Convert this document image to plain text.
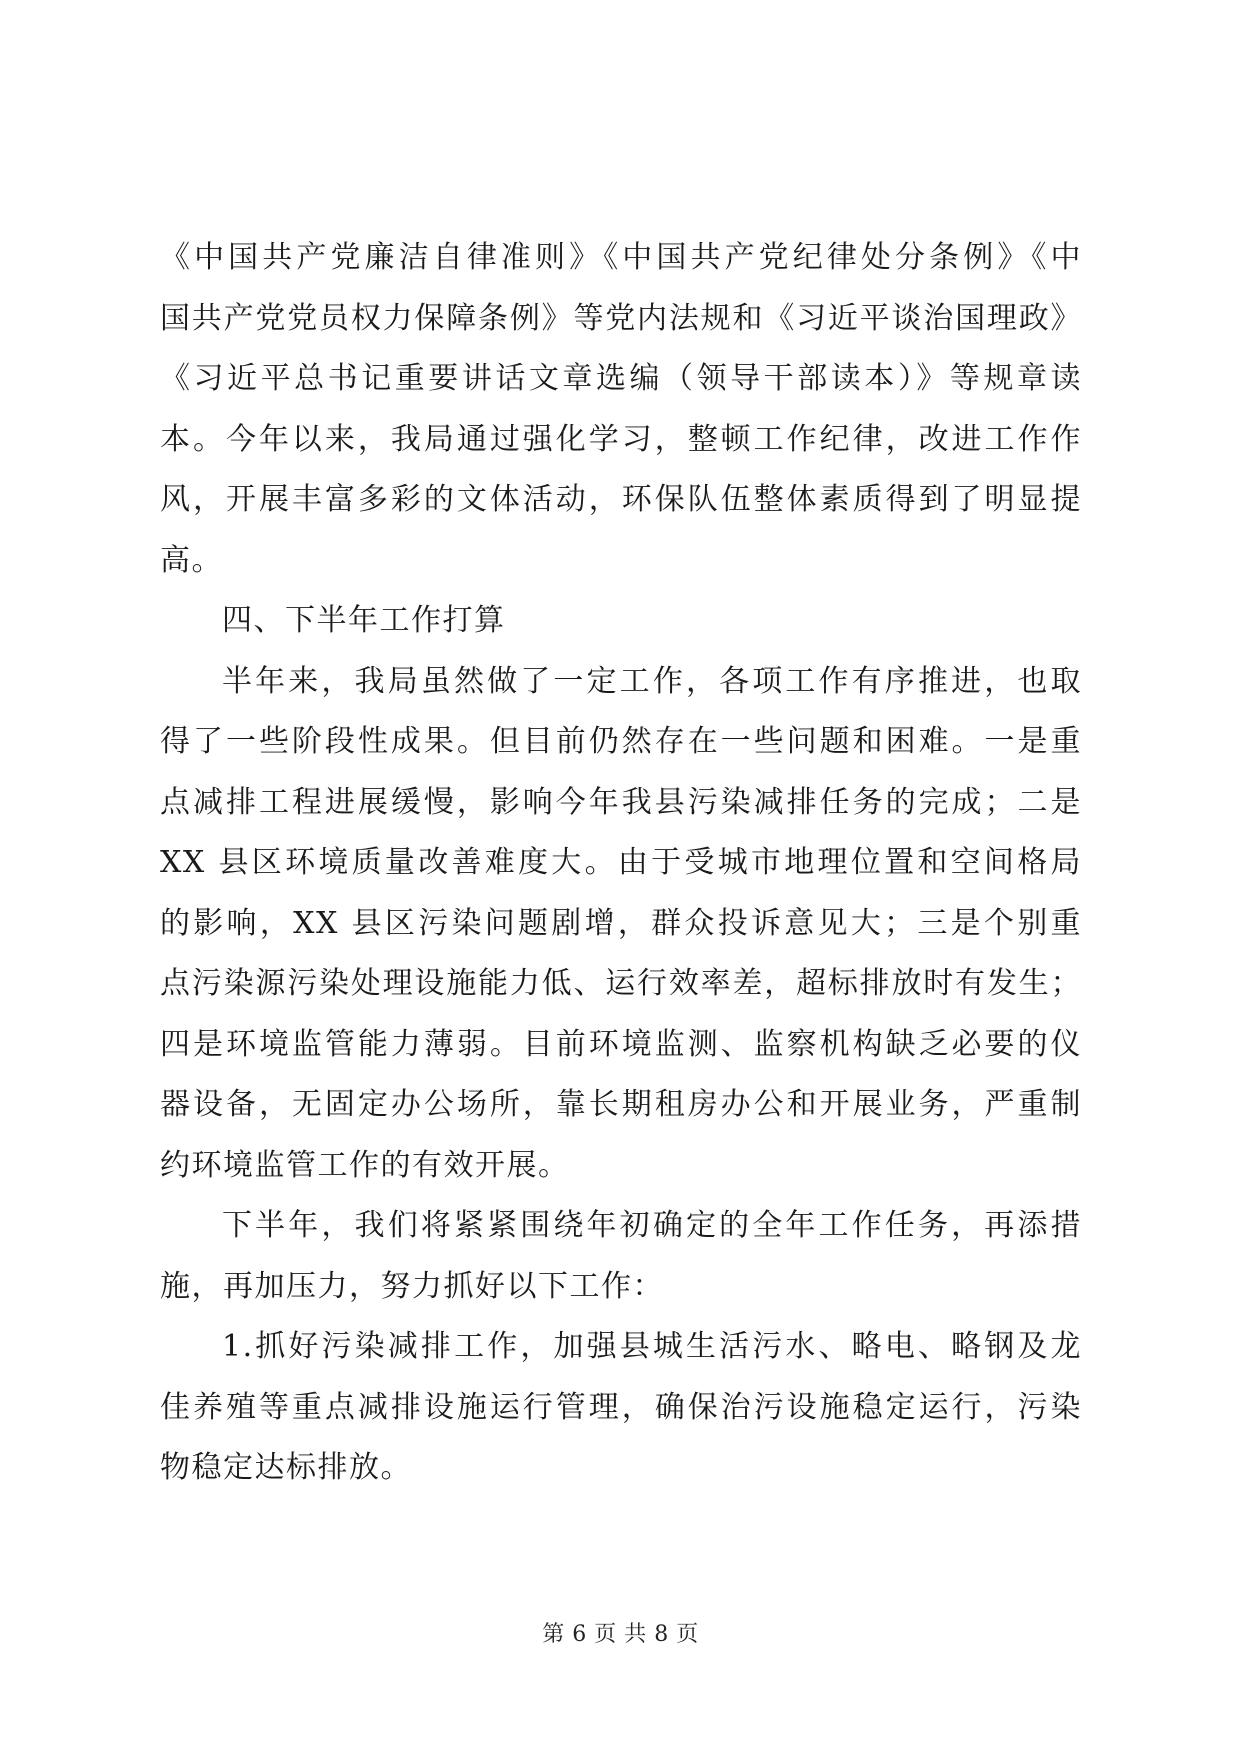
《中国共产党廉洁自律准则》《中国共产党纪律处分条例》《中
国共产党党员权力保障条例》等党内法规和《习近平谈治国理政》
《习近平总书记重要讲话文章选编（领导干部读本）》等规章读
本。今年以来，我局通过强化学习，整顿工作纪律，改进工作作
风，开展丰富多彩的文体活动，环保队伍整体素质得到了明显提
高。
四、下半年工作打算
半年来，我局虽然做了一定工作，各项工作有序推进，也取
得了一些阶段性成果。但目前仍然存在一些问题和困难。一是重
点减排工程进展缓慢，影响今年我县污染减排任务的完成；二是
XX 县区环境质量改善难度大。由于受城市地理位置和空间格局
的影响，XX 县区污染问题剧增，群众投诉意见大；三是个别重
点污染源污染处理设施能力低、运行效率差，超标排放时有发生；
四是环境监管能力薄弱。目前环境监测、监察机构缺乏必要的仪
器设备，无固定办公场所，靠长期租房办公和开展业务，严重制
约环境监管工作的有效开展。
下半年，我们将紧紧围绕年初确定的全年工作任务，再添措
施，再加压力，努力抓好以下工作：
1.抓好污染减排工作，加强县城生活污水、略电、略钢及龙
佳养殖等重点减排设施运行管理，确保治污设施稳定运行，污染
物稳定达标排放。
第 6 页 共 8 页
